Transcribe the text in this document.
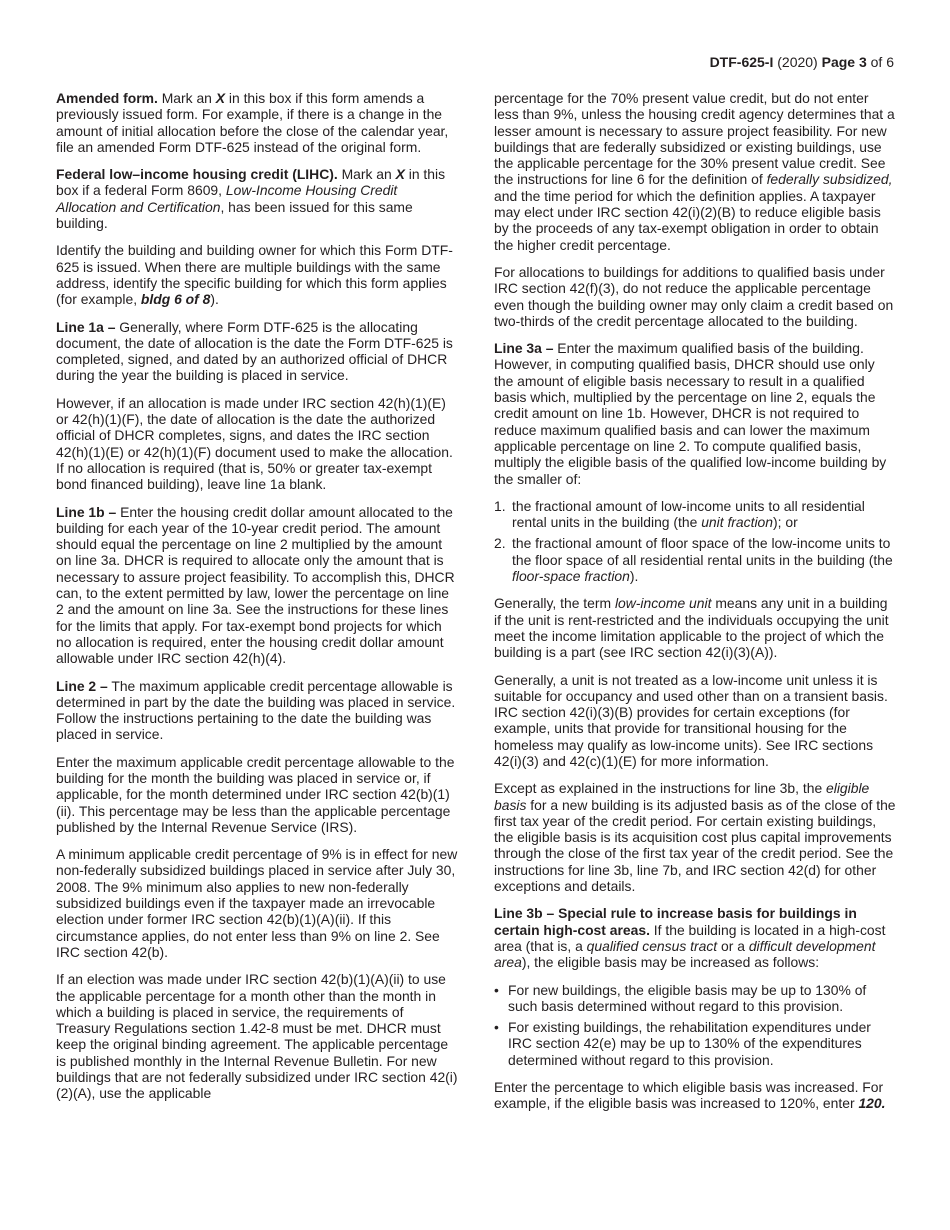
DTF-625-I (2020) Page 3 of 6

Amended form. Mark an X in this box if this form amends a previously issued form. For example, if there is a change in the amount of initial allocation before the close of the calendar year, file an amended Form DTF-625 instead of the original form.

Federal low–income housing credit (LIHC). Mark an X in this box if a federal Form 8609, Low-Income Housing Credit Allocation and Certification, has been issued for this same building.

Identify the building and building owner for which this Form DTF-625 is issued. When there are multiple buildings with the same address, identify the specific building for which this form applies (for example, bldg 6 of 8).

Line 1a – Generally, where Form DTF-625 is the allocating document, the date of allocation is the date the Form DTF-625 is completed, signed, and dated by an authorized official of DHCR during the year the building is placed in service.

However, if an allocation is made under IRC section 42(h)(1)(E) or 42(h)(1)(F), the date of allocation is the date the authorized official of DHCR completes, signs, and dates the IRC section 42(h)(1)(E) or 42(h)(1)(F) document used to make the allocation. If no allocation is required (that is, 50% or greater tax-exempt bond financed building), leave line 1a blank.

Line 1b – Enter the housing credit dollar amount allocated to the building for each year of the 10-year credit period. The amount should equal the percentage on line 2 multiplied by the amount on line 3a. DHCR is required to allocate only the amount that is necessary to assure project feasibility. To accomplish this, DHCR can, to the extent permitted by law, lower the percentage on line 2 and the amount on line 3a. See the instructions for these lines for the limits that apply. For tax-exempt bond projects for which no allocation is required, enter the housing credit dollar amount allowable under IRC section 42(h)(4).

Line 2 – The maximum applicable credit percentage allowable is determined in part by the date the building was placed in service. Follow the instructions pertaining to the date the building was placed in service.

Enter the maximum applicable credit percentage allowable to the building for the month the building was placed in service or, if applicable, for the month determined under IRC section 42(b)(1)(ii). This percentage may be less than the applicable percentage published by the Internal Revenue Service (IRS).

A minimum applicable credit percentage of 9% is in effect for new non-federally subsidized buildings placed in service after July 30, 2008. The 9% minimum also applies to new non-federally subsidized buildings even if the taxpayer made an irrevocable election under former IRC section 42(b)(1)(A)(ii). If this circumstance applies, do not enter less than 9% on line 2. See IRC section 42(b).

If an election was made under IRC section 42(b)(1)(A)(ii) to use the applicable percentage for a month other than the month in which a building is placed in service, the requirements of Treasury Regulations section 1.42-8 must be met. DHCR must keep the original binding agreement. The applicable percentage is published monthly in the Internal Revenue Bulletin. For new buildings that are not federally subsidized under IRC section 42(i)(2)(A), use the applicable

percentage for the 70% present value credit, but do not enter less than 9%, unless the housing credit agency determines that a lesser amount is necessary to assure project feasibility. For new buildings that are federally subsidized or existing buildings, use the applicable percentage for the 30% present value credit. See the instructions for line 6 for the definition of federally subsidized, and the time period for which the definition applies. A taxpayer may elect under IRC section 42(i)(2)(B) to reduce eligible basis by the proceeds of any tax-exempt obligation in order to obtain the higher credit percentage.

For allocations to buildings for additions to qualified basis under IRC section 42(f)(3), do not reduce the applicable percentage even though the building owner may only claim a credit based on two-thirds of the credit percentage allocated to the building.

Line 3a – Enter the maximum qualified basis of the building. However, in computing qualified basis, DHCR should use only the amount of eligible basis necessary to result in a qualified basis which, multiplied by the percentage on line 2, equals the credit amount on line 1b. However, DHCR is not required to reduce maximum qualified basis and can lower the maximum applicable percentage on line 2. To compute qualified basis, multiply the eligible basis of the qualified low-income building by the smaller of:

1. the fractional amount of low-income units to all residential rental units in the building (the unit fraction); or
2. the fractional amount of floor space of the low-income units to the floor space of all residential rental units in the building (the floor-space fraction).

Generally, the term low-income unit means any unit in a building if the unit is rent-restricted and the individuals occupying the unit meet the income limitation applicable to the project of which the building is a part (see IRC section 42(i)(3)(A)).

Generally, a unit is not treated as a low-income unit unless it is suitable for occupancy and used other than on a transient basis. IRC section 42(i)(3)(B) provides for certain exceptions (for example, units that provide for transitional housing for the homeless may qualify as low-income units). See IRC sections 42(i)(3) and 42(c)(1)(E) for more information.

Except as explained in the instructions for line 3b, the eligible basis for a new building is its adjusted basis as of the close of the first tax year of the credit period. For certain existing buildings, the eligible basis is its acquisition cost plus capital improvements through the close of the first tax year of the credit period. See the instructions for line 3b, line 7b, and IRC section 42(d) for other exceptions and details.

Line 3b – Special rule to increase basis for buildings in certain high-cost areas. If the building is located in a high-cost area (that is, a qualified census tract or a difficult development area), the eligible basis may be increased as follows:

• For new buildings, the eligible basis may be up to 130% of such basis determined without regard to this provision.
• For existing buildings, the rehabilitation expenditures under IRC section 42(e) may be up to 130% of the expenditures determined without regard to this provision.

Enter the percentage to which eligible basis was increased. For example, if the eligible basis was increased to 120%, enter 120.
